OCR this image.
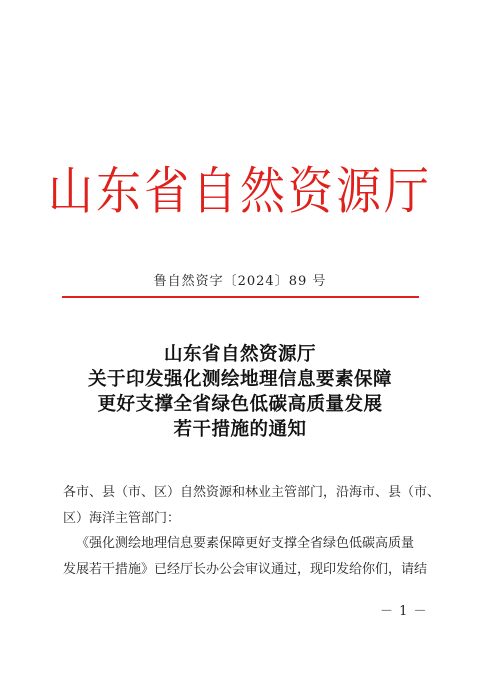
山东省自然资源厅
鲁自然资字〔2024〕89 号
山东省自然资源厅
关于印发强化测绘地理信息要素保障
更好支撑全省绿色低碳高质量发展
若干措施的通知
各市、县（市、区）自然资源和林业主管部门，沿海市、县（市、
区）海洋主管部门：
《强化测绘地理信息要素保障更好支撑全省绿色低碳高质量
发展若干措施》已经厅长办公会审议通过，现印发给你们，请结
－ 1 －
